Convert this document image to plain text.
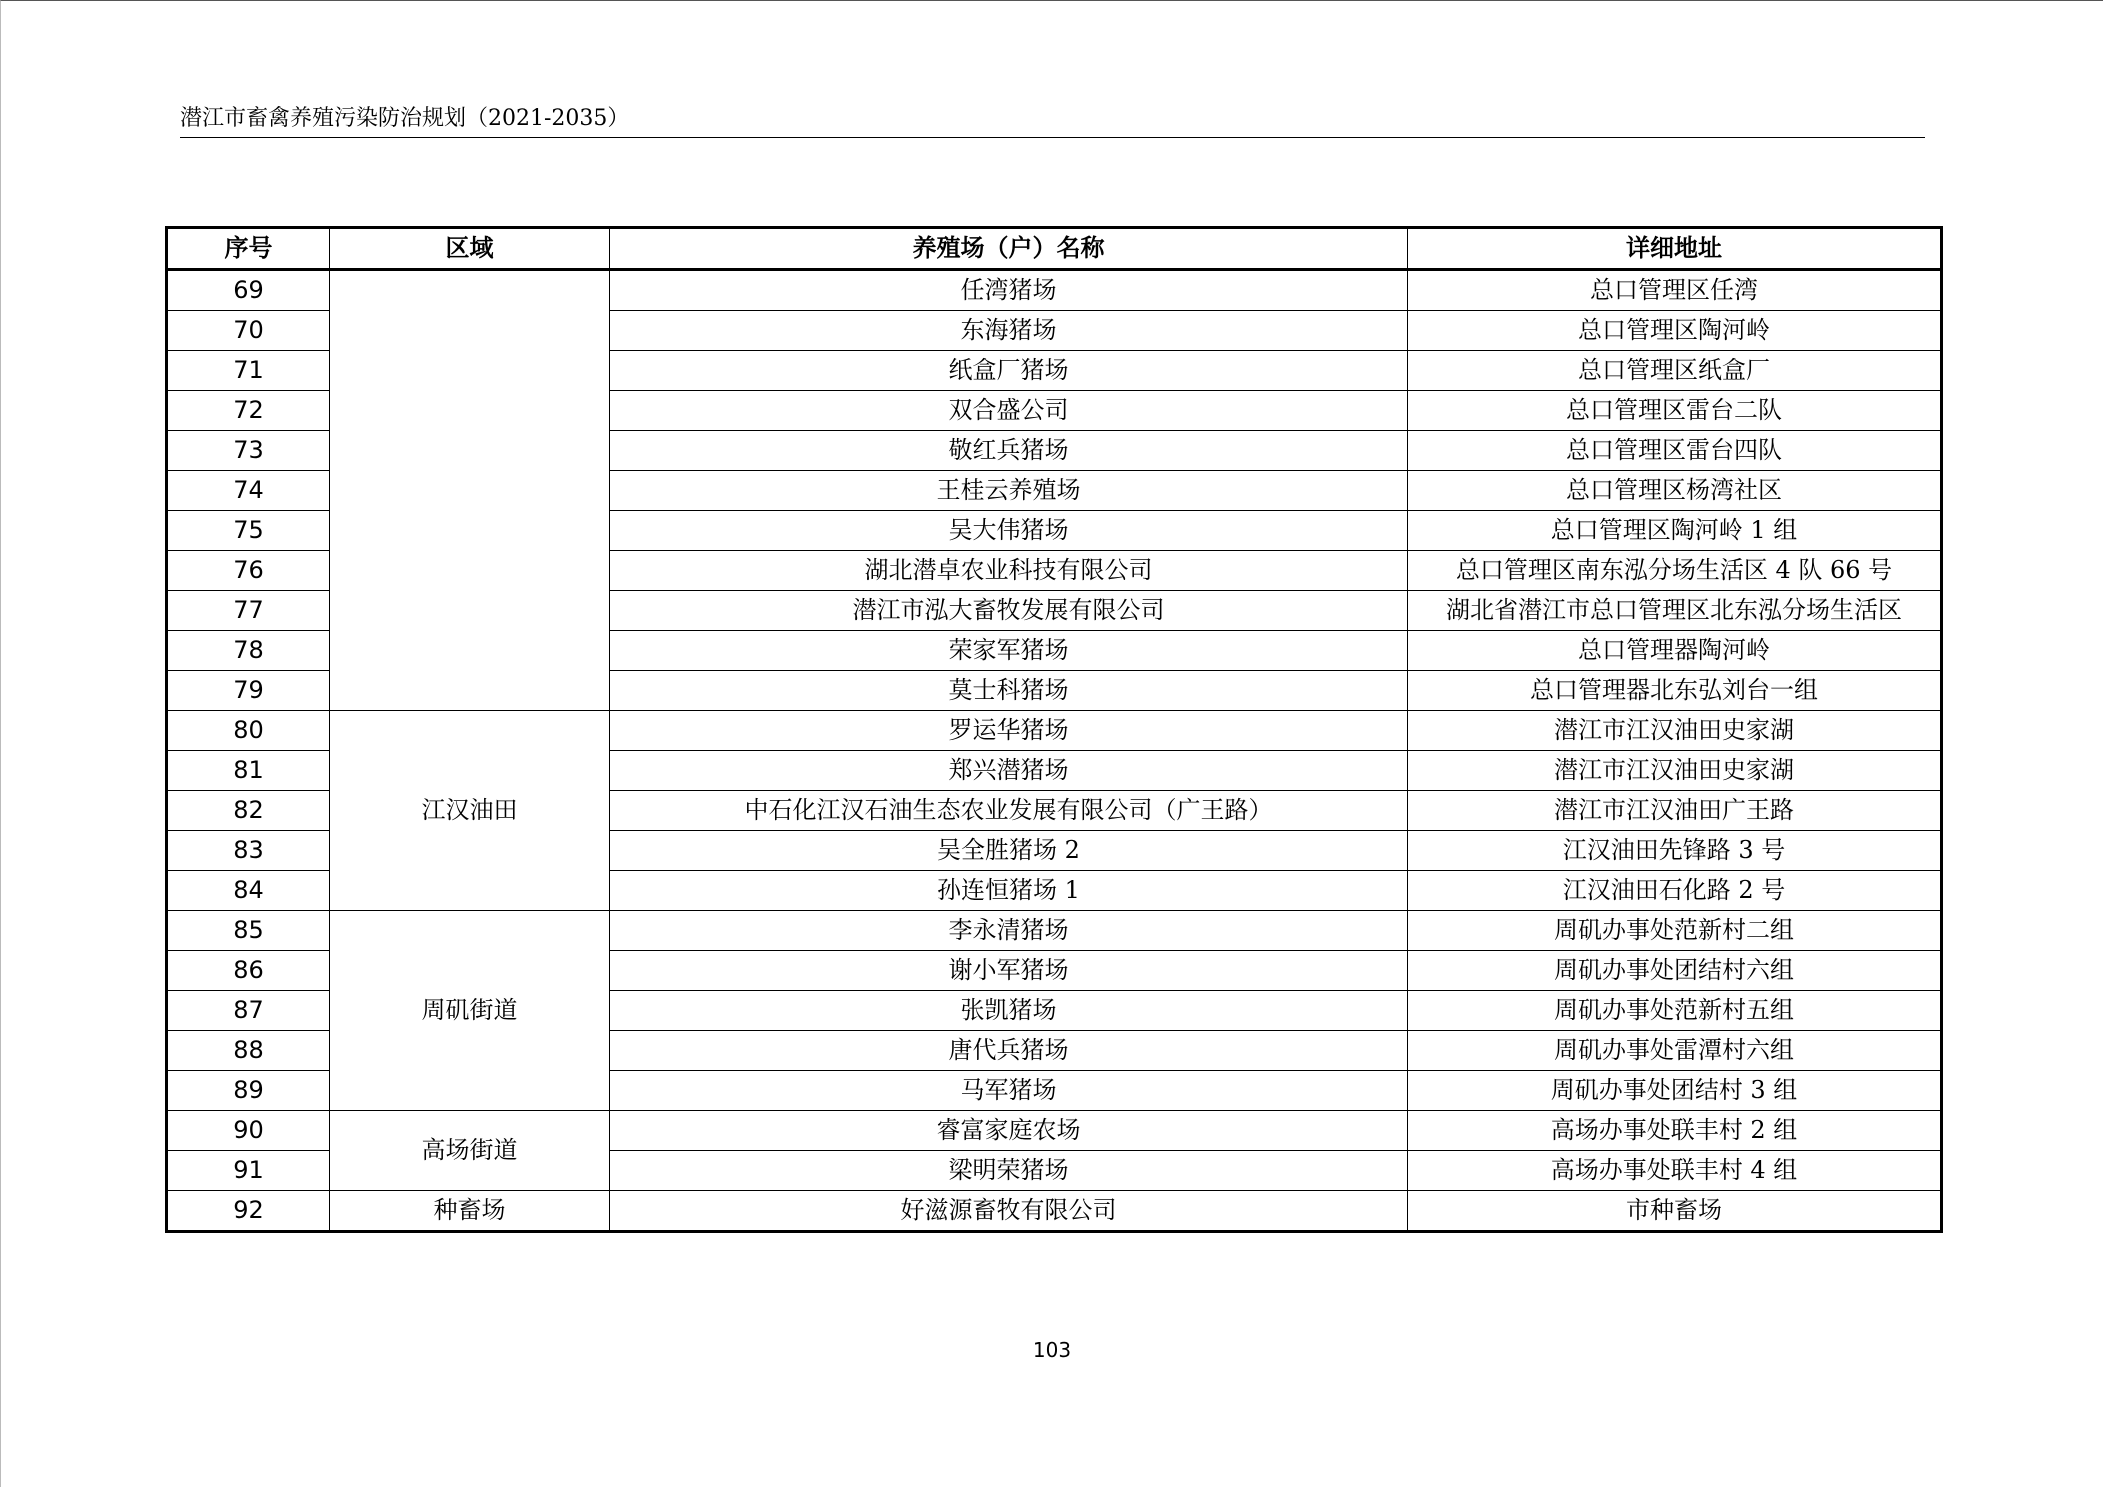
潜江市畜禽养殖污染防治规划（2021-2035）
序号	区域	养殖场（户）名称	详细地址
69		任湾猪场	总口管理区任湾
70		东海猪场	总口管理区陶河岭
71		纸盒厂猪场	总口管理区纸盒厂
72		双合盛公司	总口管理区雷台二队
73		敬红兵猪场	总口管理区雷台四队
74		王桂云养殖场	总口管理区杨湾社区
75		吴大伟猪场	总口管理区陶河岭 1 组
76		湖北潜卓农业科技有限公司	总口管理区南东泓分场生活区 4 队 66 号
77		潜江市泓大畜牧发展有限公司	湖北省潜江市总口管理区北东泓分场生活区
78		荣家军猪场	总口管理器陶河岭
79		莫士科猪场	总口管理器北东弘刘台一组
80	江汉油田	罗运华猪场	潜江市江汉油田史家湖
81		郑兴潜猪场	潜江市江汉油田史家湖
82		中石化江汉石油生态农业发展有限公司（广王路）	潜江市江汉油田广王路
83		吴全胜猪场 2	江汉油田先锋路 3 号
84		孙连恒猪场 1	江汉油田石化路 2 号
85	周矶街道	李永清猪场	周矶办事处范新村二组
86		谢小军猪场	周矶办事处团结村六组
87		张凯猪场	周矶办事处范新村五组
88		唐代兵猪场	周矶办事处雷潭村六组
89		马军猪场	周矶办事处团结村 3 组
90	高场街道	睿富家庭农场	高场办事处联丰村 2 组
91		梁明荣猪场	高场办事处联丰村 4 组
92	种畜场	好滋源畜牧有限公司	市种畜场
103
